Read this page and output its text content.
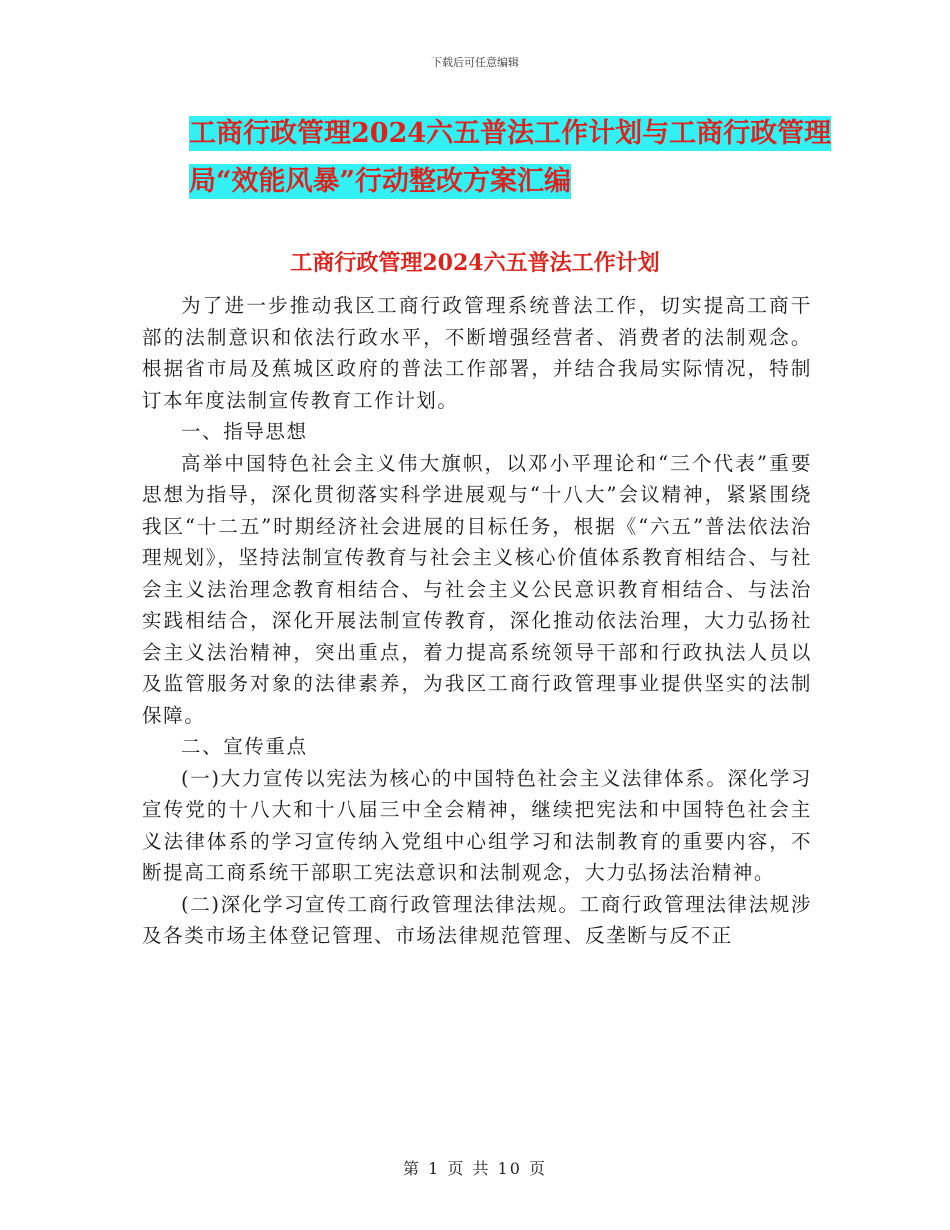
下载后可任意编辑
工商行政管理2024六五普法工作计划与工商行政管理
局“效能风暴”行动整改方案汇编
工商行政管理2024六五普法工作计划

为了进一步推动我区工商行政管理系统普法工作，切实提高工商干部的法制意识和依法行政水平，不断增强经营者、消费者的法制观念。根据省市局及蕉城区政府的普法工作部署，并结合我局实际情况，特制订本年度法制宣传教育工作计划。

一、指导思想

高举中国特色社会主义伟大旗帜，以邓小平理论和“三个代表”重要思想为指导，深化贯彻落实科学进展观与“十八大”会议精神，紧紧围绕我区“十二五”时期经济社会进展的目标任务，根据《“六五”普法依法治理规划》，坚持法制宣传教育与社会主义核心价值体系教育相结合、与社会主义法治理念教育相结合、与社会主义公民意识教育相结合、与法治实践相结合，深化开展法制宣传教育，深化推动依法治理，大力弘扬社会主义法治精神，突出重点，着力提高系统领导干部和行政执法人员以及监管服务对象的法律素养，为我区工商行政管理事业提供坚实的法制保障。

二、宣传重点

(一)大力宣传以宪法为核心的中国特色社会主义法律体系。深化学习宣传党的十八大和十八届三中全会精神，继续把宪法和中国特色社会主义法律体系的学习宣传纳入党组中心组学习和法制教育的重要内容，不断提高工商系统干部职工宪法意识和法制观念，大力弘扬法治精神。

(二)深化学习宣传工商行政管理法律法规。工商行政管理法律法规涉及各类市场主体登记管理、市场法律规范管理、反垄断与反不正

第 1 页 共 10 页
